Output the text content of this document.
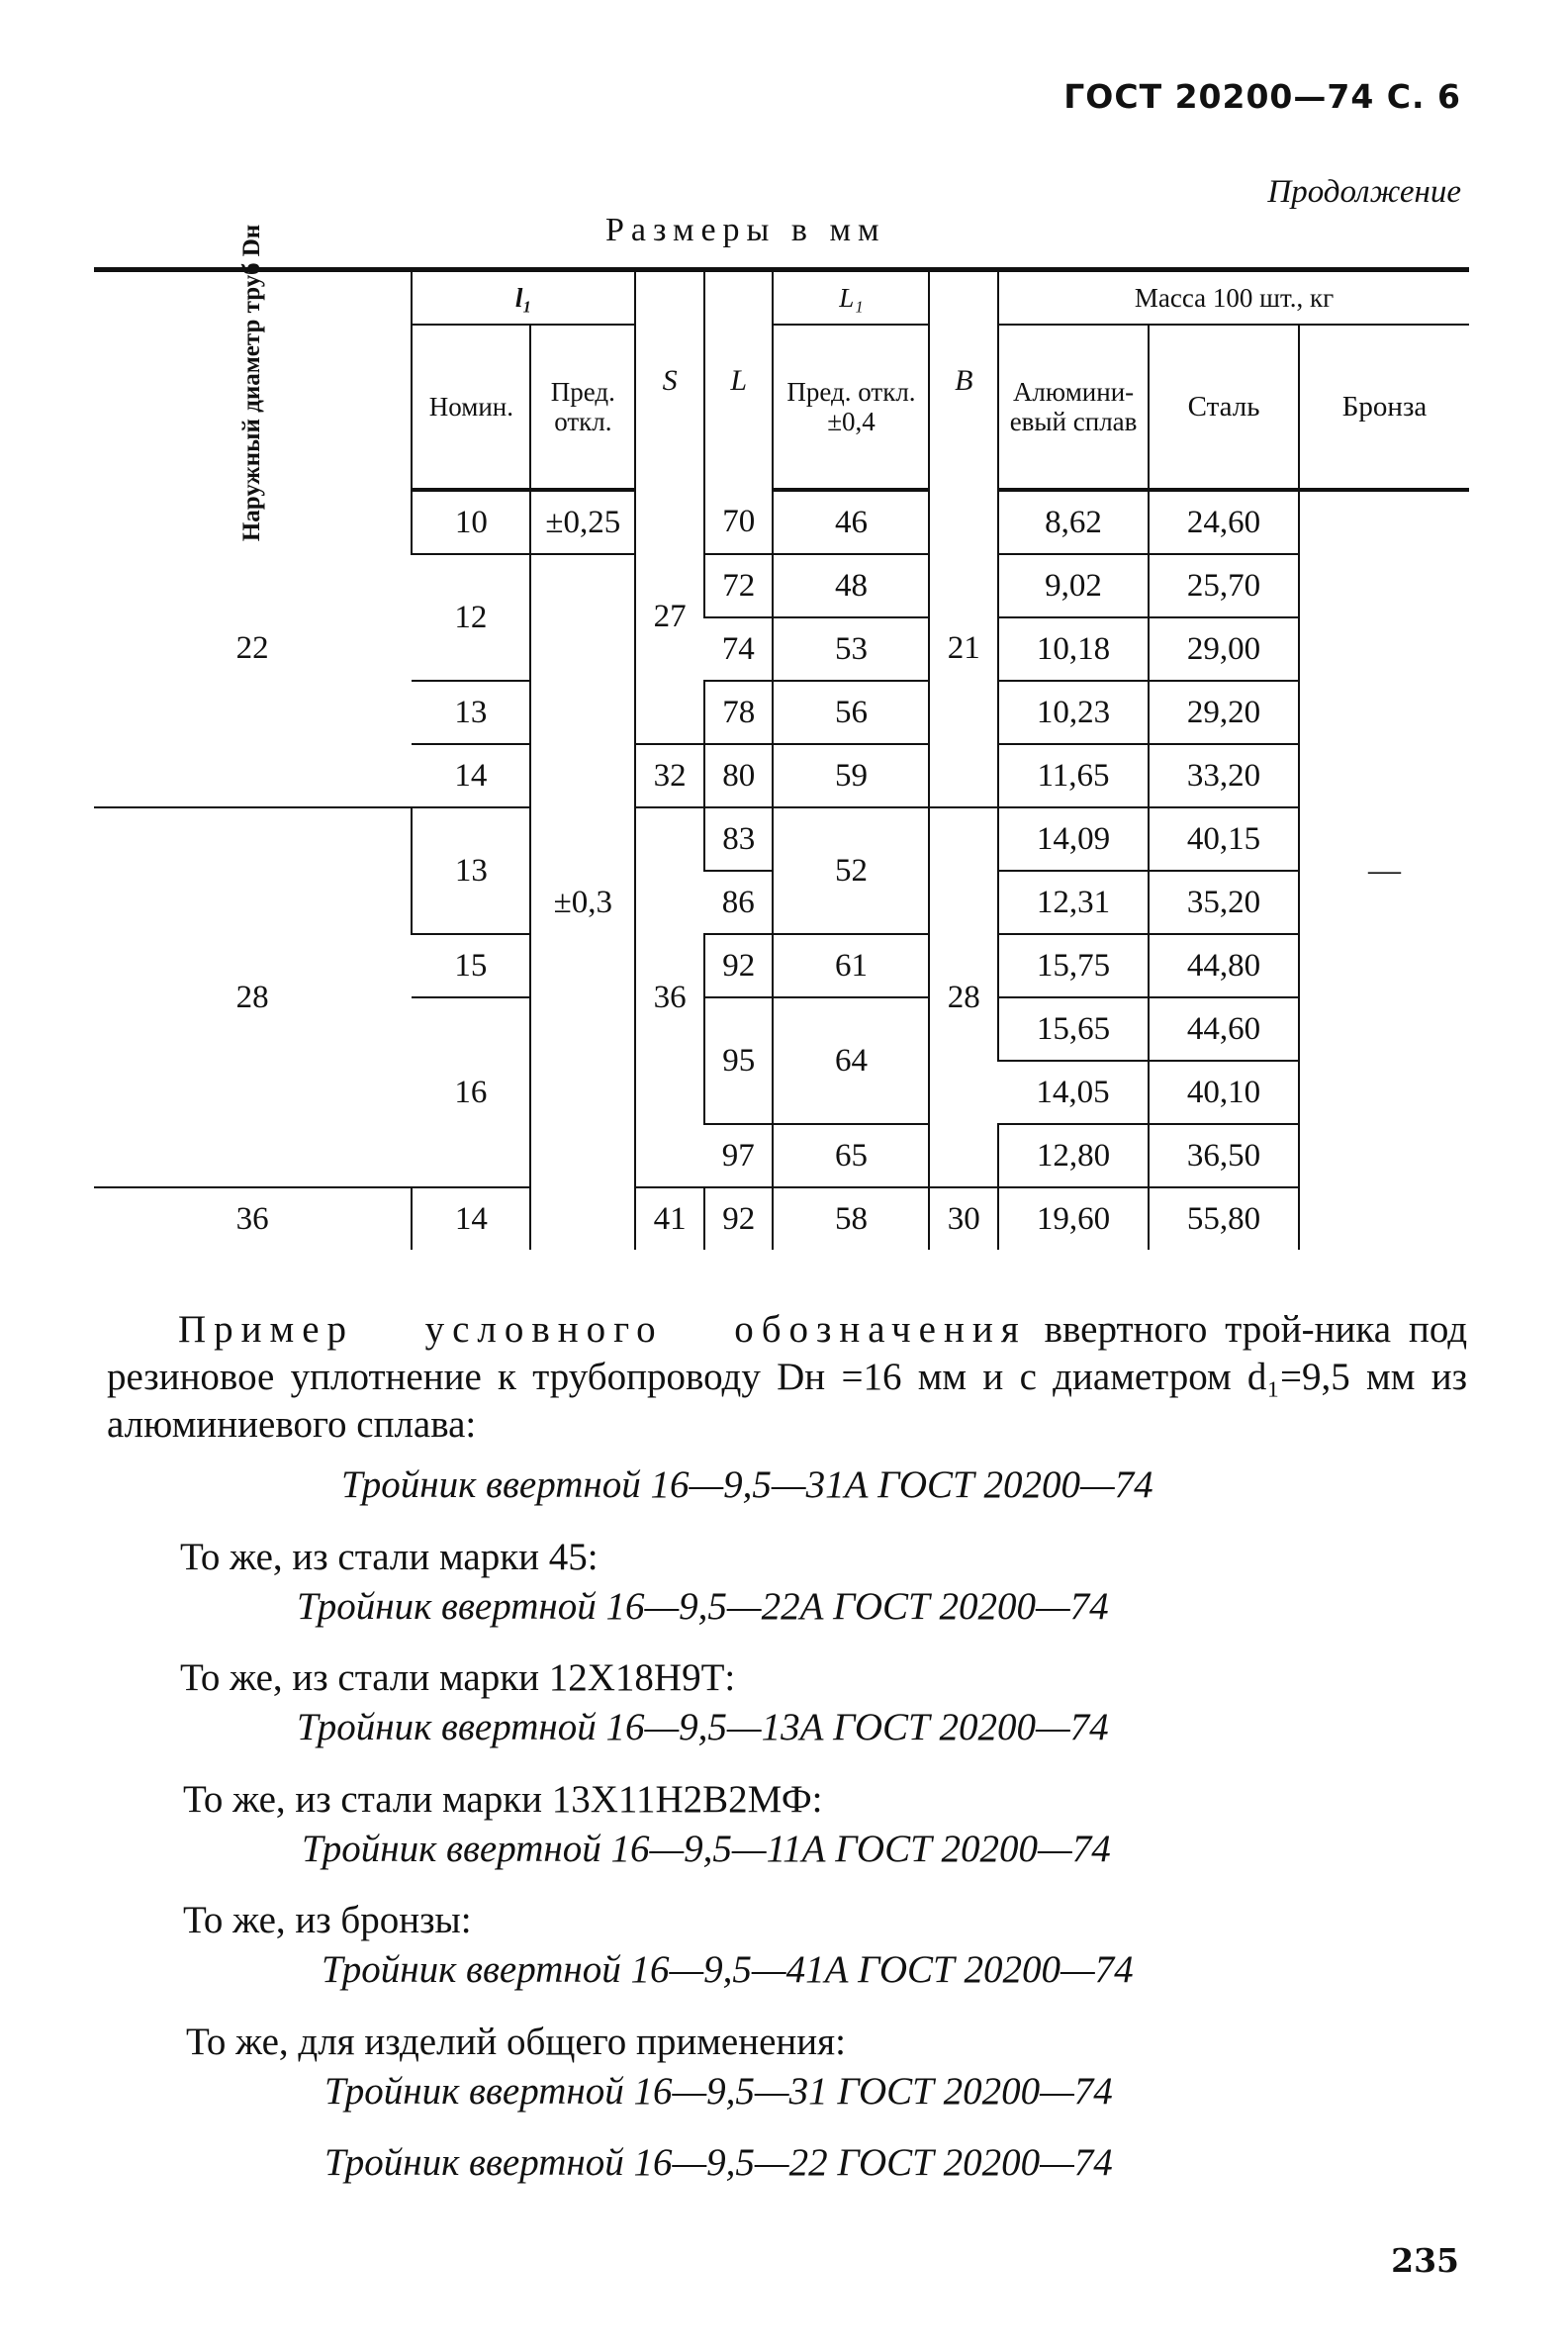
ГОСТ 20200—74 С. 6
Продолжение
Размеры в мм
Наружный диаметр труб Dн	l₁		S	L	L₁	B	Масса 100 шт., кг		
	Номин.	Пред. откл.			Пред. откл. ±0,4		Алюмини-евый сплав	Сталь	Бронза
22	10	±0,25	27	70	46	21	8,62	24,60	—
	12	±0,3		72	48		9,02	25,70	
				74	53		10,18	29,00	
	13			78	56		10,23	29,20	
	14		32	80	59		11,65	33,20	
28	13		36	83	52	28	14,09	40,15	
				86			12,31	35,20	
	15			92	61		15,75	44,80	
	16			95	64		15,65	44,60	
							14,05	40,10	
				97	65		12,80	36,50	
36	14		41	92	58	30	19,60	55,80	
Пример условного обозначения ввертного трой-ника под резиновое уплотнение к трубопроводу Dн =16 мм и с диаметром d₁=9,5 мм из алюминиевого сплава:
Тройник ввертной 16—9,5—31А ГОСТ 20200—74
То же, из стали марки 45:
Тройник ввертной 16—9,5—22А ГОСТ 20200—74
То же, из стали марки 12Х18Н9Т:
Тройник ввертной 16—9,5—13А ГОСТ 20200—74
То же, из стали марки 13Х11Н2В2МФ:
Тройник ввертной 16—9,5—11А ГОСТ 20200—74
То же, из бронзы:
Тройник ввертной 16—9,5—41А ГОСТ 20200—74
То же, для изделий общего применения:
Тройник ввертной 16—9,5—31 ГОСТ 20200—74
Тройник ввертной 16—9,5—22 ГОСТ 20200—74
235
